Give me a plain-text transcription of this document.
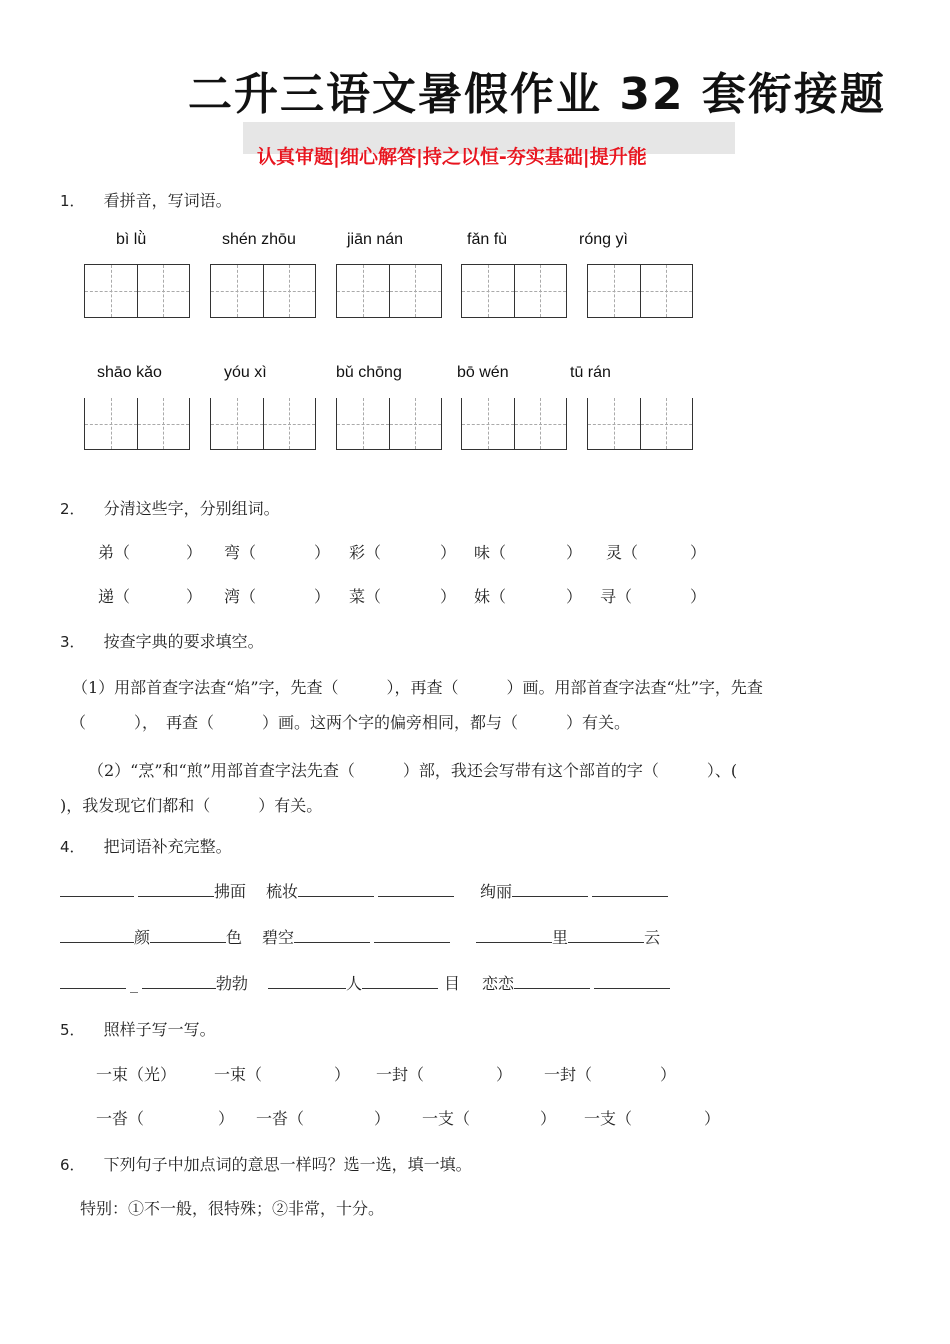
二升三语文暑假作业 32 套衔接题
认真审题|细心解答|持之以恒-夯实基础|提升能
1． 看拼音，写词语。
bì lǜ	shén zhōu	jiān nán	fǎn fù	róng yì
shāo kǎo	yóu xì	bǔ chōng	bō wén	tū rán
2． 分清这些字，分别组词。
弟（	） 弯（	） 彩（	） 味（	） 灵（	）
递（	） 湾（	） 菜（	） 妹（	） 寻（	）
3． 按查字典的要求填空。
（1）用部首查字法查“焰”字，先查（　　　），再查（　　　）画。用部首查字法查“灶”字，先查
（　　　），　再查（　　　）画。这两个字的偏旁相同，都与（　　　）有关。
（2）“烹”和“煎”用部首查字法先查（　　　）部，我还会写带有这个部首的字（　　　）、(
)，我发现它们都和（　　　）有关。
4． 把词语补充完整。
拂面 梳妆	绚丽
颜	色 碧空	里	云
_	勃勃	人	目 恋恋
5． 照样子写一写。
一束（光） 一束（	） 一封（	） 一封（	）
一沓（	） 一沓（	） 一支（	） 一支（	）
6． 下列句子中加点词的意思一样吗？选一选，填一填。
特别：①不一般，很特殊；②非常，十分。
